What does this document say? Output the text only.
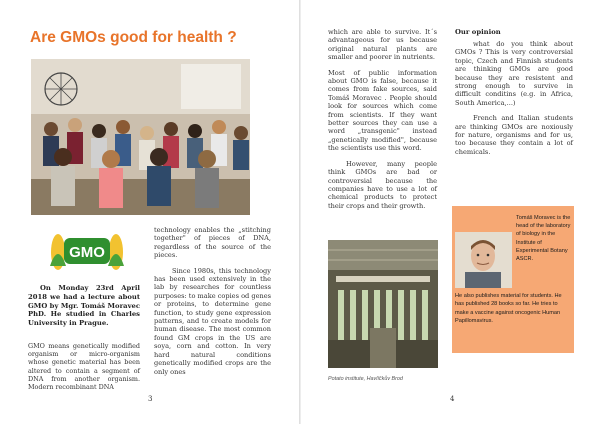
Are GMOs good for health ?
GMO

On Monday 23rd April 2018 we had a lecture about GMO by Mgr. Tomáš Moravec PhD. He studied in Charles University in Prague.

GMO means genetically modified organism or micro-organism whose genetic material has been altered to contain a segment of DNA from another organism. Modern recombinant DNA

technology enables the „stitching together" of pieces of DNA, regardless of the source of the pieces.

Since 1980s, this technology has been used extensively in the lab by researches for countless purposes: to make copies od genes or proteins, to determine gene function, to study gene expression patterns, and to create models for human disease. The most common found GM crops in the US are soya, corn and cotton. In very hard natural conditions genetically modified crops are the only ones

3

which are able to survive. It´s advantageous for us because original natural plants are smaller and poorer in nutrients.

Most of public information about GMO is false, because it comes from fake sources, said Tomáš Moravec . People should look for sources which come from scientists. If they want better sources they can use a word „transgenic" instead „genetically modified", because the scientists use this word.

However, many people think GMOs are bad or controversial because the companies have to use a lot of chemical products to protect their crops and their growth.

Potato institute, Havlíčkův Brod
Our opinion

what do you think about GMOs ? This is very controversial topic, Czech and Finnish students are thinking GMOs are good because they are resistent and strong enough to survive in difficult conditins (e.g. in Africa, South America,...)

French and Italian students are thinking GMOs are noxiously for nature, organisms and for us, too because they contain a lot of chemicals.

Tomáš Moravec is the head of the laboratory of biology in the Institute of Experimental Botany ASCR.
He also publishes material for students. He has published 28 books so far. He tries to make a vaccine against oncogenic Human Papillomavirus.
4
